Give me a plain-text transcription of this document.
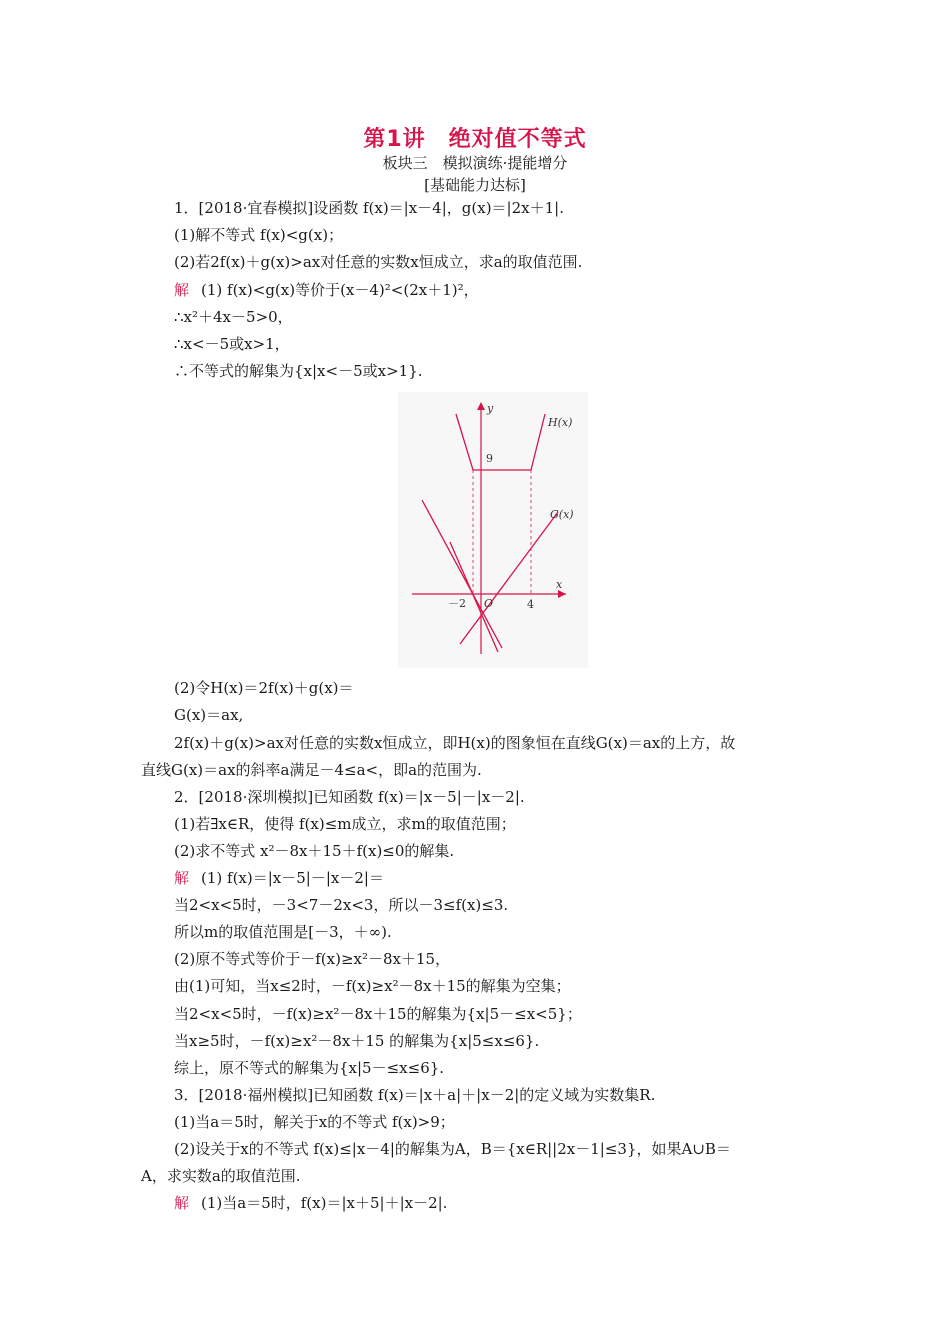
第1讲　绝对值不等式
板块三　模拟演练·提能增分
[基础能力达标]
1．[2018·宜春模拟]设函数 f(x)＝|x－4|，g(x)＝|2x＋1|.
(1)解不等式 f(x)<g(x)；
(2)若2f(x)＋g(x)>ax对任意的实数x恒成立，求a的取值范围.
解 (1) f(x)<g(x)等价于(x－4)²<(2x＋1)²，
∴x²＋4x－5>0，
∴x<－5或x>1，
∴不等式的解集为{x|x<－5或x>1}.
y
x
O
－2	4
9
H(x)
G(x)
(2)令H(x)＝2f(x)＋g(x)＝
G(x)＝ax,
2f(x)＋g(x)>ax对任意的实数x恒成立，即H(x)的图象恒在直线G(x)＝ax的上方，故
直线G(x)＝ax的斜率a满足－4≤a<，即a的范围为.
2．[2018·深圳模拟]已知函数 f(x)＝|x－5|－|x－2|.
(1)若∃x∈R，使得 f(x)≤m成立，求m的取值范围；
(2)求不等式 x²－8x＋15＋f(x)≤0的解集.
解 (1) f(x)＝|x－5|－|x－2|＝
当2<x<5时，－3<7－2x<3，所以－3≤f(x)≤3.
所以m的取值范围是[－3，＋∞).
(2)原不等式等价于－f(x)≥x²－8x＋15，
由(1)可知，当x≤2时，－f(x)≥x²－8x＋15的解集为空集；
当2<x<5时，－f(x)≥x²－8x＋15的解集为{x|5－≤x<5}；
当x≥5时，－f(x)≥x²－8x＋15 的解集为{x|5≤x≤6}.
综上，原不等式的解集为{x|5－≤x≤6}.
3．[2018·福州模拟]已知函数 f(x)＝|x＋a|＋|x－2|的定义域为实数集R.
(1)当a＝5时，解关于x的不等式 f(x)>9；
(2)设关于x的不等式 f(x)≤|x－4|的解集为A，B＝{x∈R||2x－1|≤3}，如果A∪B＝
A，求实数a的取值范围.
解 (1)当a＝5时，f(x)＝|x＋5|＋|x－2|.
